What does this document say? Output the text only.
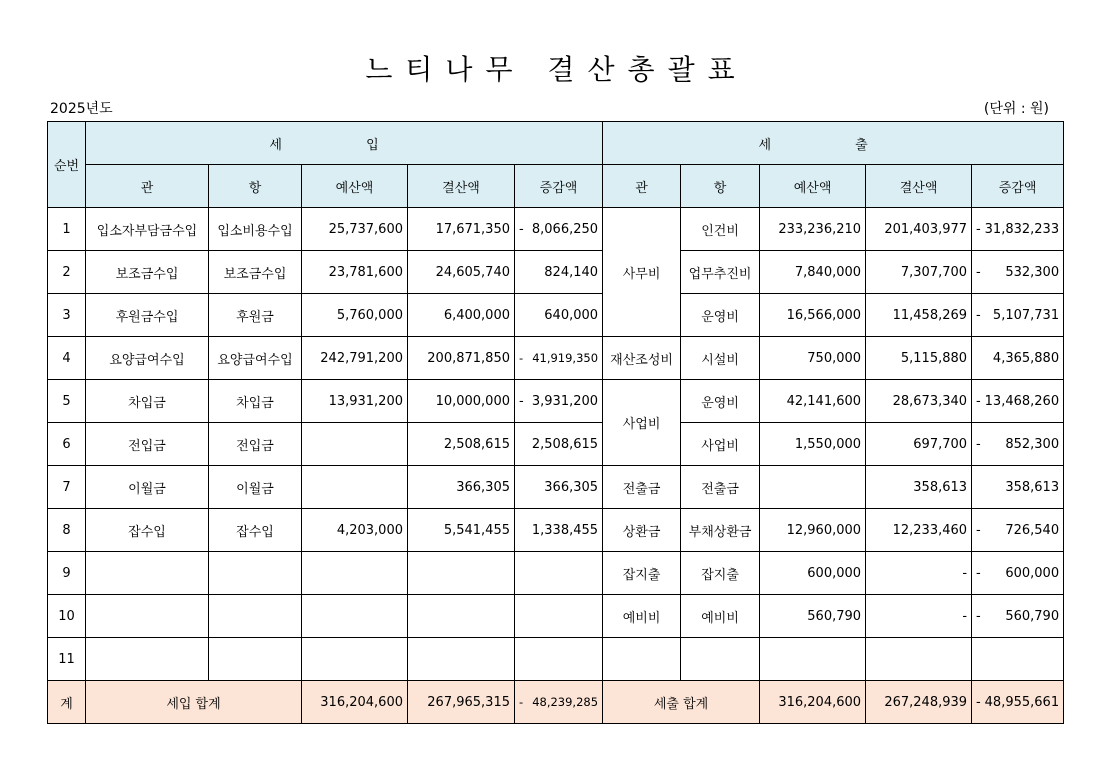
느티나무 결산총괄표
2025년도	(단위 : 원)
순번	세 입					세 출				
	관	항	예산액	결산액	증감액	관	항	예산액	결산액	증감액
1	입소자부담금수입	입소비용수입	25,737,600	17,671,350	- 8,066,250	사무비	인건비	233,236,210	201,403,977	- 31,832,233

2	보조금수입	보조금수입	23,781,600	24,605,740	824,140		업무추진비	7,840,000	7,307,700	- 532,300

3	후원금수입	후원금	5,760,000	6,400,000	640,000		운영비	16,566,000	11,458,269	- 5,107,731

4	요양급여수입	요양급여수입	242,791,200	200,871,850	- 41,919,350	재산조성비	시설비	750,000	5,115,880	4,365,880

5	차입금	차입금	13,931,200	10,000,000	- 3,931,200	사업비	운영비	42,141,600	28,673,340	- 13,468,260

6	전입금	전입금		2,508,615	2,508,615		사업비	1,550,000	697,700	- 852,300

7	이월금	이월금		366,305	366,305	전출금	전출금		358,613	358,613

8	잡수입	잡수입	4,203,000	5,541,455	1,338,455	상환금	부채상환금	12,960,000	12,233,460	- 726,540

9						잡지출	잡지출	600,000	-	- 600,000

10						예비비	예비비	560,790	-	- 560,790

11					

계	세입 합계		316,204,600	267,965,315	- 48,239,285	세출 합계		316,204,600	267,248,939	- 48,955,661
